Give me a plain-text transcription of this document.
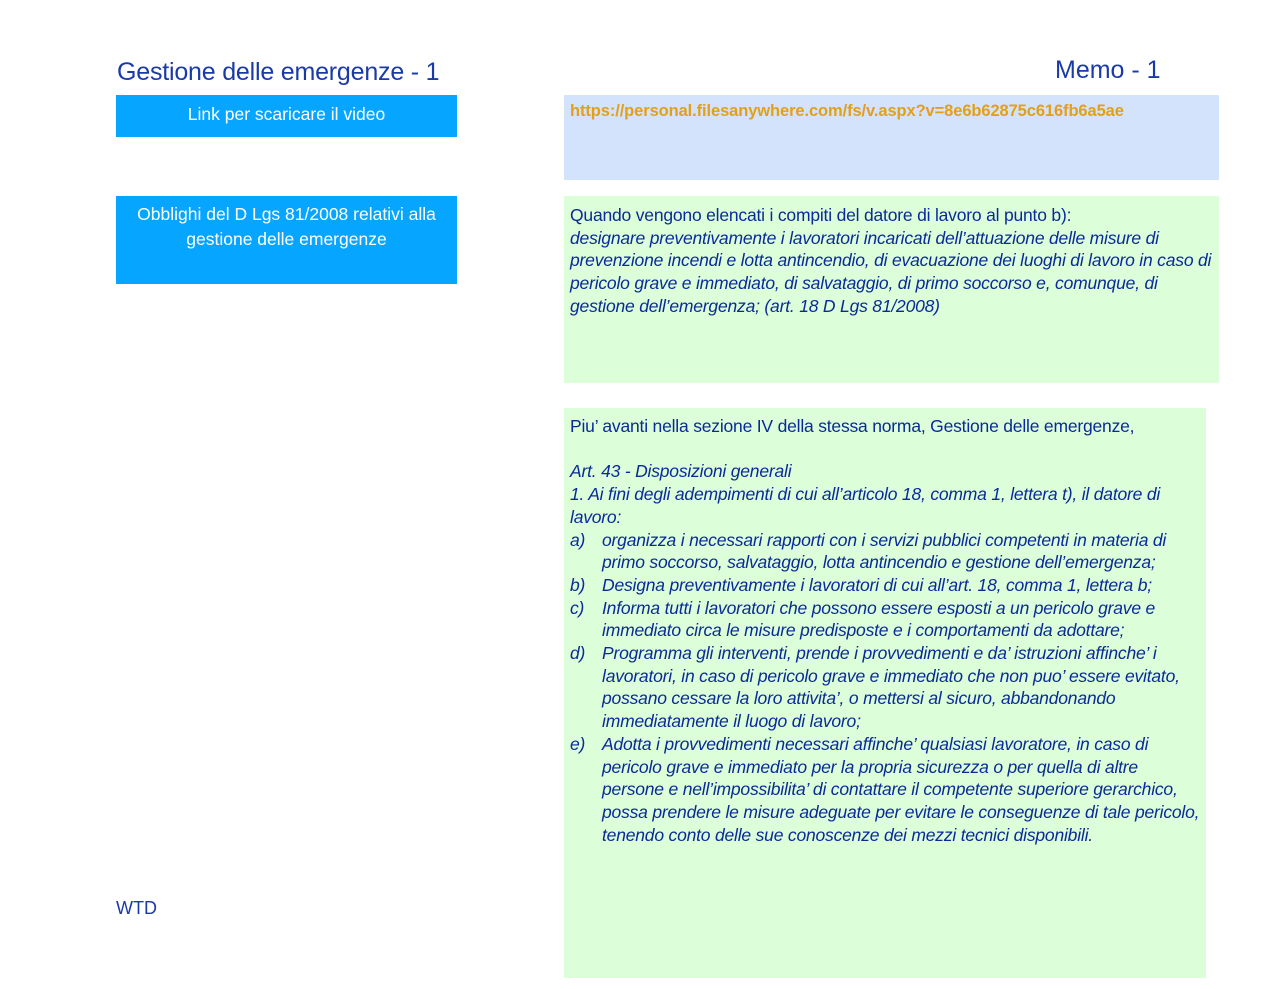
Gestione delle emergenze - 1	Memo - 1
Link per scaricare il video
Obblighi del D Lgs 81/2008 relativi alla gestione delle emergenze
https://personal.filesanywhere.com/fs/v.aspx?v=8e6b62875c616fb6a5ae
Quando vengono elencati i compiti del datore di lavoro al punto b):
designare preventivamente i lavoratori incaricati dell’attuazione delle misure di prevenzione incendi e lotta antincendio, di evacuazione dei luoghi di lavoro in caso di pericolo grave e immediato, di salvataggio, di primo soccorso e, comunque, di gestione dell’emergenza; (art. 18 D Lgs 81/2008)
Piu’ avanti nella sezione IV della stessa norma, Gestione delle emergenze,
Art. 43 - Disposizioni generali
1. Ai fini degli adempimenti di cui all’articolo 18, comma 1, lettera t), il datore di lavoro:
a) organizza i necessari rapporti con i servizi pubblici competenti in materia di primo soccorso, salvataggio, lotta antincendio e gestione dell’emergenza;
b) Designa preventivamente i lavoratori di cui all’art. 18, comma 1, lettera b;
c)	Informa tutti i lavoratori che possono essere esposti a un pericolo grave e immediato circa le misure predisposte e i comportamenti da adottare;
d) Programma gli interventi, prende i provvedimenti e da’ istruzioni affinche’ i lavoratori, in caso di pericolo grave e immediato che non puo’ essere evitato, possano cessare la loro attivita’, o mettersi al sicuro, abbandonando immediatamente il luogo di lavoro;
e) Adotta i provvedimenti necessari affinche’ qualsiasi lavoratore, in caso di pericolo grave e immediato per la propria sicurezza o per quella di altre persone e nell’impossibilita’ di contattare il competente superiore gerarchico, possa prendere le misure adeguate per evitare le conseguenze di tale pericolo, tenendo conto delle sue conoscenze dei mezzi tecnici disponibili.
WTD
